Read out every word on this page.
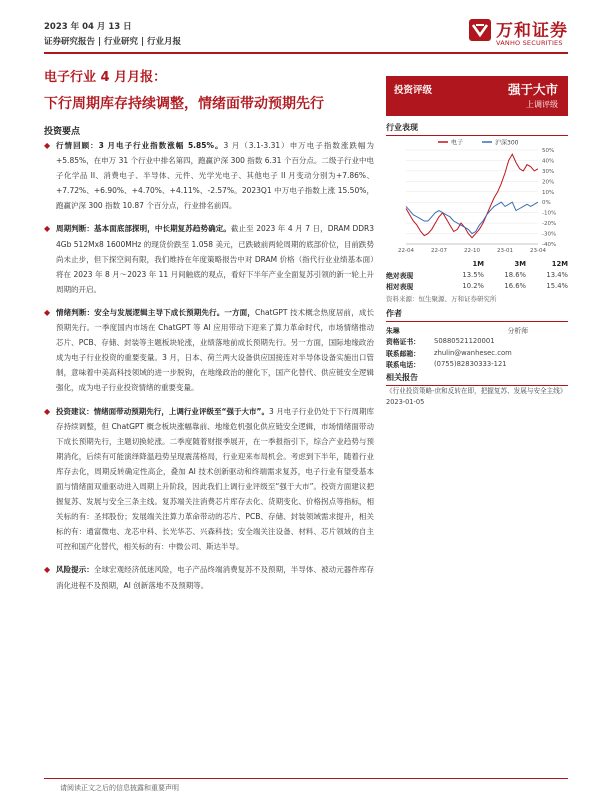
2023 年 04 月 13 日
证券研究报告 | 行业研究 | 行业月报
万和证券
VANHO SECURITIES
电子行业 4 月月报：
下行周期库存持续调整，情绪面带动预期先行
投资评级	强于大市
上调评级
投资要点
◆ 行情回顾：3 月电子行业指数涨幅 5.85%。3 月（3.1-3.31）申万电子指数涨跌幅为+5.85%，在申万 31 个行业中排名第四，跑赢沪深 300 指数 6.31 个百分点。二级子行业中电子化学品 II、消费电子、半导体、元件、光学光电子、其他电子 II 月变动分别为+7.86%、+7.72%、+6.90%、+4.70%、+4.11%、-2.57%。2023Q1 中万电子指数上涨 15.50%，跑赢沪深 300 指数 10.87 个百分点，行业排名前四。
◆ 周期判断：基本面底部探明，中长期复苏趋势确定。截止至 2023 年 4 月 7 日，DRAM DDR3 4Gb 512Mx8 1600MHz 的现货价跌至 1.058 美元，已跌破前两轮周期的底部价位，目前跌势尚未止步，但下探空间有限，我们维持在年度策略报告中对 DRAM 价格（指代行业业绩基本面）将在 2023 年 8 月～2023 年 11 月间触底的观点，看好下半年产业全面复苏引领的新一轮上升周期的开启。
◆ 情绪判断：安全与发展逻辑主导下成长预期先行。一方面，ChatGPT 技术概念热度居前，成长预期先行。一季度国内市场在 ChatGPT 等 AI 应用带动下迎来了算力革命时代，市场情绪推动芯片、PCB、存储、封装等主题板块轮涨，业绩落地前成长预期先行。另一方面，国际地缘政治成为电子行业投资的重要变量。3 月，日本、荷兰两大设备供应国接连对半导体设备实施出口管制，意味着中美高科技领域的进一步脱钩，在地缘政治的催化下，国产化替代、供应链安全逻辑强化，成为电子行业投资情绪的重要变量。
◆ 投资建议：情绪面带动预期先行，上调行业评级至“强于大市”。3 月电子行业仍处于下行周期库存持续调整，但 ChatGPT 概念板块涨幅靠前、地缘危机强化供应链安全逻辑，市场情绪面带动下成长预期先行，主题切换轮涨。二季度随着财报季展开，在一季报指引下，综合产业趋势与预期消化，后续有可能演绎降温趋势呈现震荡格局，行业迎来布局机会。考虑到下半年，随着行业库存去化，周期反转确定性高企，叠加 AI 技术创新驱动和终端需求复苏，电子行业有望受基本面与情绪面双重驱动进入周期上升阶段，因此我们上调行业评级至“强于大市”。投资方面建议把握复苏、发展与安全三条主线。复苏端关注消费芯片库存去化、货期变化、价格拐点等指标，相关标的有：圣邦股份；发展端关注算力革命带动的芯片、PCB、存储、封装领域需求提升，相关标的有：通富微电、龙芯中科、长光华芯、兴森科技；安全端关注设备、材料、芯片领域的自主可控和国产化替代，相关标的有：中微公司、斯达半导。
◆ 风险提示：全球宏观经济低迷风险，电子产品终端消费复苏不及预期，半导体、被动元器件库存消化进程不及预期，AI 创新落地不及预期等。
行业表现
电子	沪深300
50%
40%
30%
20%
10%
0%
-10%
-20%
-30%
-40%
22-04	22-07	22-10	23-01	23-04
1M	3M	12M
绝对表现	13.5%	18.6%	13.4%
相对表现	10.2%	16.6%	15.4%
资料来源：恒生聚源、万和证券研究所
作者
朱琳	分析师
资格证书：	S0880521120001
联系邮箱：	zhulin@wanhesec.com
联系电话：	(0755)82830333-121
相关报告
《行业投资策略-庶和反转在即，把握复苏、发展与安全主线》 2023-01-05
请阅读正文之后的信息披露和重要声明
